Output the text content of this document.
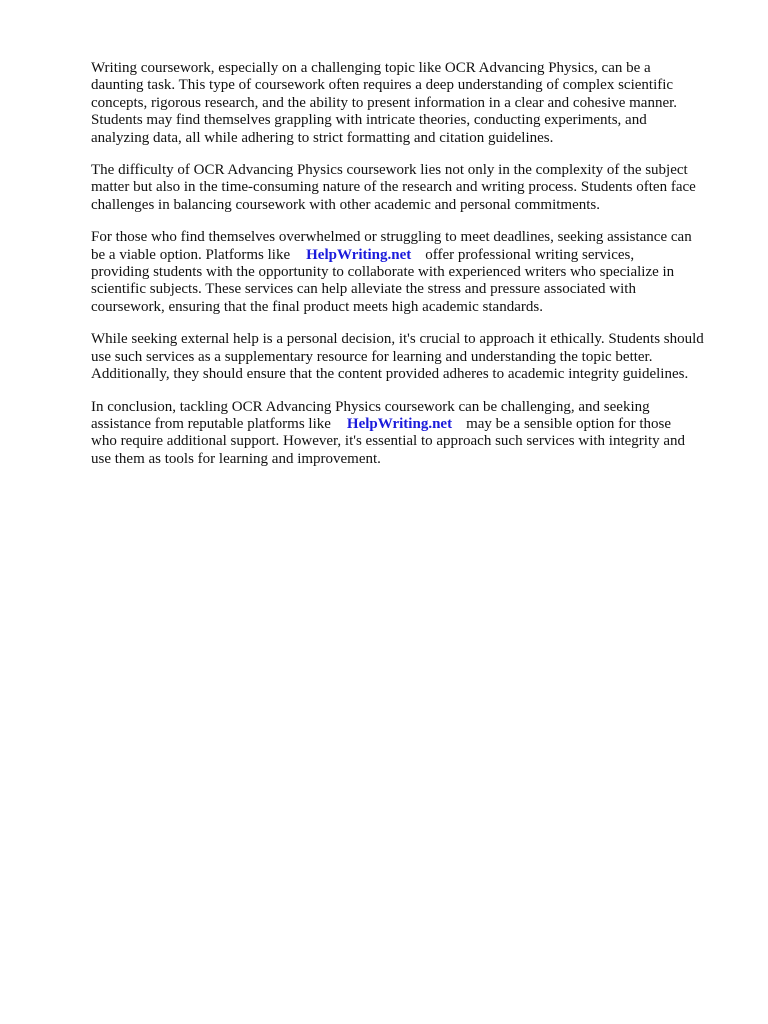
Writing coursework, especially on a challenging topic like OCR Advancing Physics, can be a
daunting task. This type of coursework often requires a deep understanding of complex scientific
concepts, rigorous research, and the ability to present information in a clear and cohesive manner.
Students may find themselves grappling with intricate theories, conducting experiments, and
analyzing data, all while adhering to strict formatting and citation guidelines.

The difficulty of OCR Advancing Physics coursework lies not only in the complexity of the subject
matter but also in the time-consuming nature of the research and writing process. Students often face
challenges in balancing coursework with other academic and personal commitments.

For those who find themselves overwhelmed or struggling to meet deadlines, seeking assistance can
be a viable option. Platforms like HelpWriting.net offer professional writing services,
providing students with the opportunity to collaborate with experienced writers who specialize in
scientific subjects. These services can help alleviate the stress and pressure associated with
coursework, ensuring that the final product meets high academic standards.

While seeking external help is a personal decision, it's crucial to approach it ethically. Students should
use such services as a supplementary resource for learning and understanding the topic better.
Additionally, they should ensure that the content provided adheres to academic integrity guidelines.

In conclusion, tackling OCR Advancing Physics coursework can be challenging, and seeking
assistance from reputable platforms like HelpWriting.net may be a sensible option for those
who require additional support. However, it's essential to approach such services with integrity and
use them as tools for learning and improvement.
